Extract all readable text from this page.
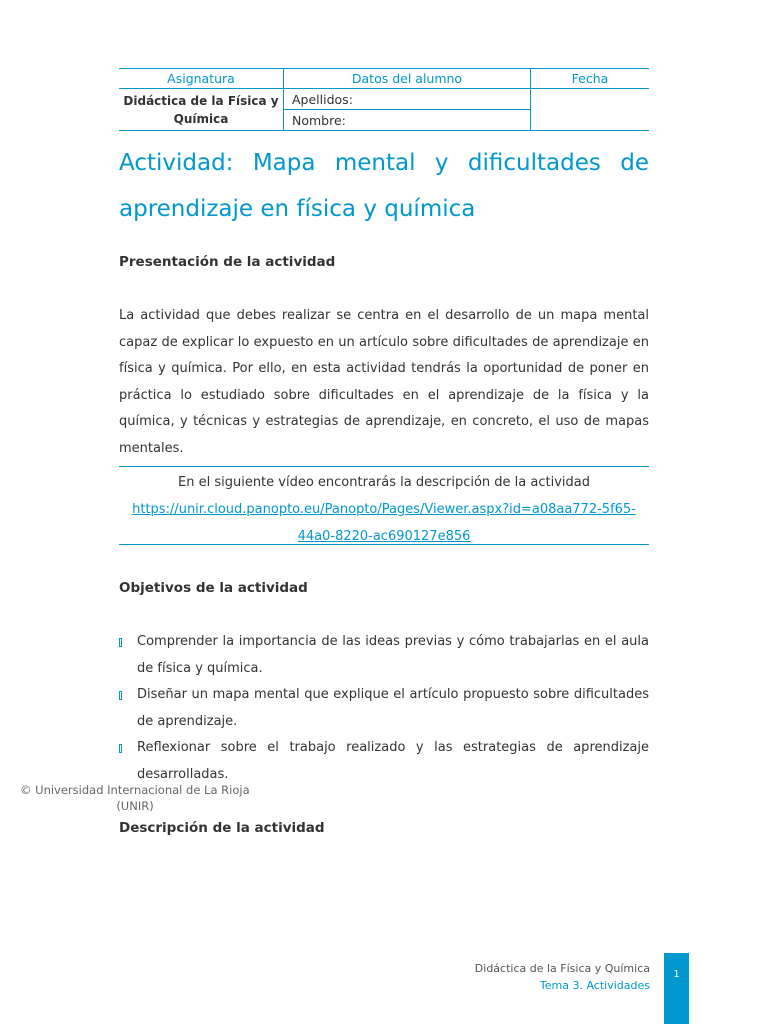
Asignatura	Datos del alumno	Fecha
Didáctica de la Física y Química	Apellidos:	
	Nombre:	
Actividad: Mapa mental y dificultades de aprendizaje en física y química
Presentación de la actividad

La actividad que debes realizar se centra en el desarrollo de un mapa mental capaz de explicar lo expuesto en un artículo sobre dificultades de aprendizaje en física y química. Por ello, en esta actividad tendrás la oportunidad de poner en práctica lo estudiado sobre dificultades en el aprendizaje de la física y la química, y técnicas y estrategias de aprendizaje, en concreto, el uso de mapas mentales.

En el siguiente vídeo encontrarás la descripción de la actividad
https://unir.cloud.panopto.eu/Panopto/Pages/Viewer.aspx?id=a08aa772-5f65-
44a0-8220-ac690127e856
Objetivos de la actividad
Comprender la importancia de las ideas previas y cómo trabajarlas en el aula de física y química.
Diseñar un mapa mental que explique el artículo propuesto sobre dificultades de aprendizaje.
Reflexionar sobre el trabajo realizado y las estrategias de aprendizaje desarrolladas.
© Universidad Internacional de La Rioja
(UNIR)
Descripción de la actividad
Didáctica de la Física y Química
Tema 3. Actividades
1
